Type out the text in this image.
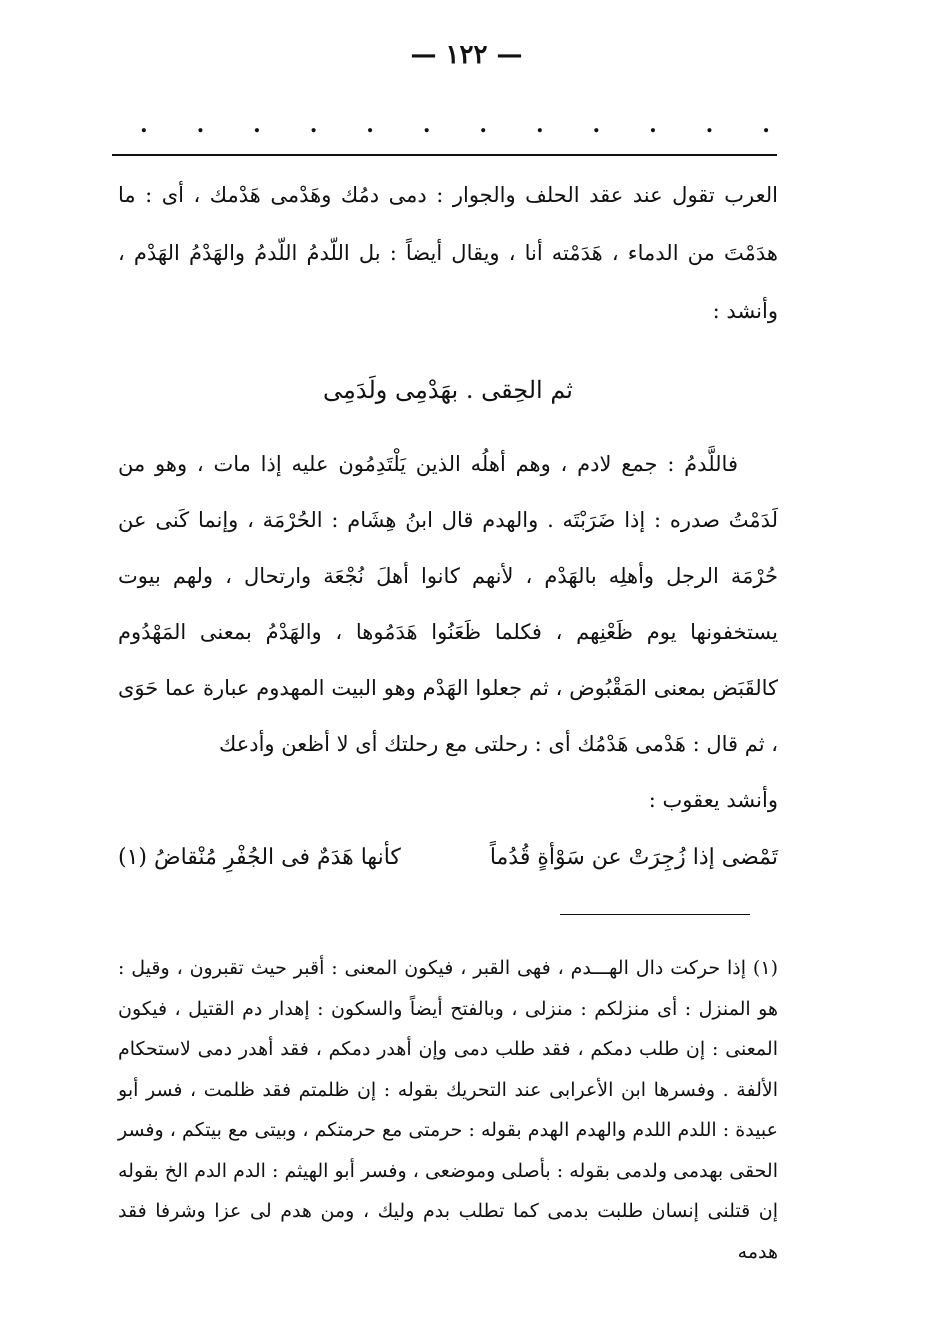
— ١٢٢ —
. . . . . . . . . . . .

العرب تقول عند عقد الحلف والجوار : دمى دمُك وهَدْمى هَدْمك ، أى : ما هدَمْتَ من الدماء ، هَدَمْته أنا ، ويقال أيضاً : بل اللّدمُ اللّدمُ والهَدْمُ الهَدْم ، وأنشد :

ثم الحِقى . بهَدْمِى ولَدَمِى

فاللَّدمُ : جمع لادم ، وهم أهلُه الذين يَلْتَدِمُون عليه إذا مات ، وهو من لَدَمْتُ صدره : إذا ضَرَبْتَه . والهدم قال ابنُ هِشَام : الحُرْمَة ، وإنما كَنى عن حُرْمَة الرجل وأهلِه بالهَدْم ، لأنهم كانوا أهلَ نُجْعَة وارتحال ، ولهم بيوت يستخفونها يوم ظَعْنِهم ، فكلما ظَعَنُوا هَدَمُوها ، والهَدْمُ بمعنى المَهْدُوم كالقَبَض بمعنى المَقْبُوض ، ثم جعلوا الهَدْم وهو البيت المهدوم عبارة عما حَوَى ، ثم قال : هَدْمى هَدْمُك أى : رحلتى مع رحلتك أى لا أظعن وأدعك

وأنشد يعقوب :

تَمْضى إذا زُجِرَتْ عن سَوْأةٍ قُدُماً
كأنها هَدَمٌ فى الجُفْرِ مُنْقاضُ (١)

(١) إذا حركت دال الهـــدم ، فهى القبر ، فيكون المعنى : أقبر حيث تقبرون ، وقيل : هو المنزل : أى منزلكم : منزلى ، وبالفتح أيضاً والسكون : إهدار دم القتيل ، فيكون المعنى : إن طلب دمكم ، فقد طلب دمى وإن أهدر دمكم ، فقد أهدر دمى لاستحكام الألفة . وفسرها ابن الأعرابى عند التحريك بقوله : إن ظلمتم فقد ظلمت ، فسر أبو عبيدة : اللدم اللدم والهدم الهدم بقوله : حرمتى مع حرمتكم ، وبيتى مع بيتكم ، وفسر الحقى بهدمى ولدمى بقوله : بأصلى وموضعى ، وفسر أبو الهيثم : الدم الدم الخ بقوله إن قتلنى إنسان طلبت بدمى كما تطلب بدم وليك ، ومن هدم لى عزا وشرفا فقد هدمه
